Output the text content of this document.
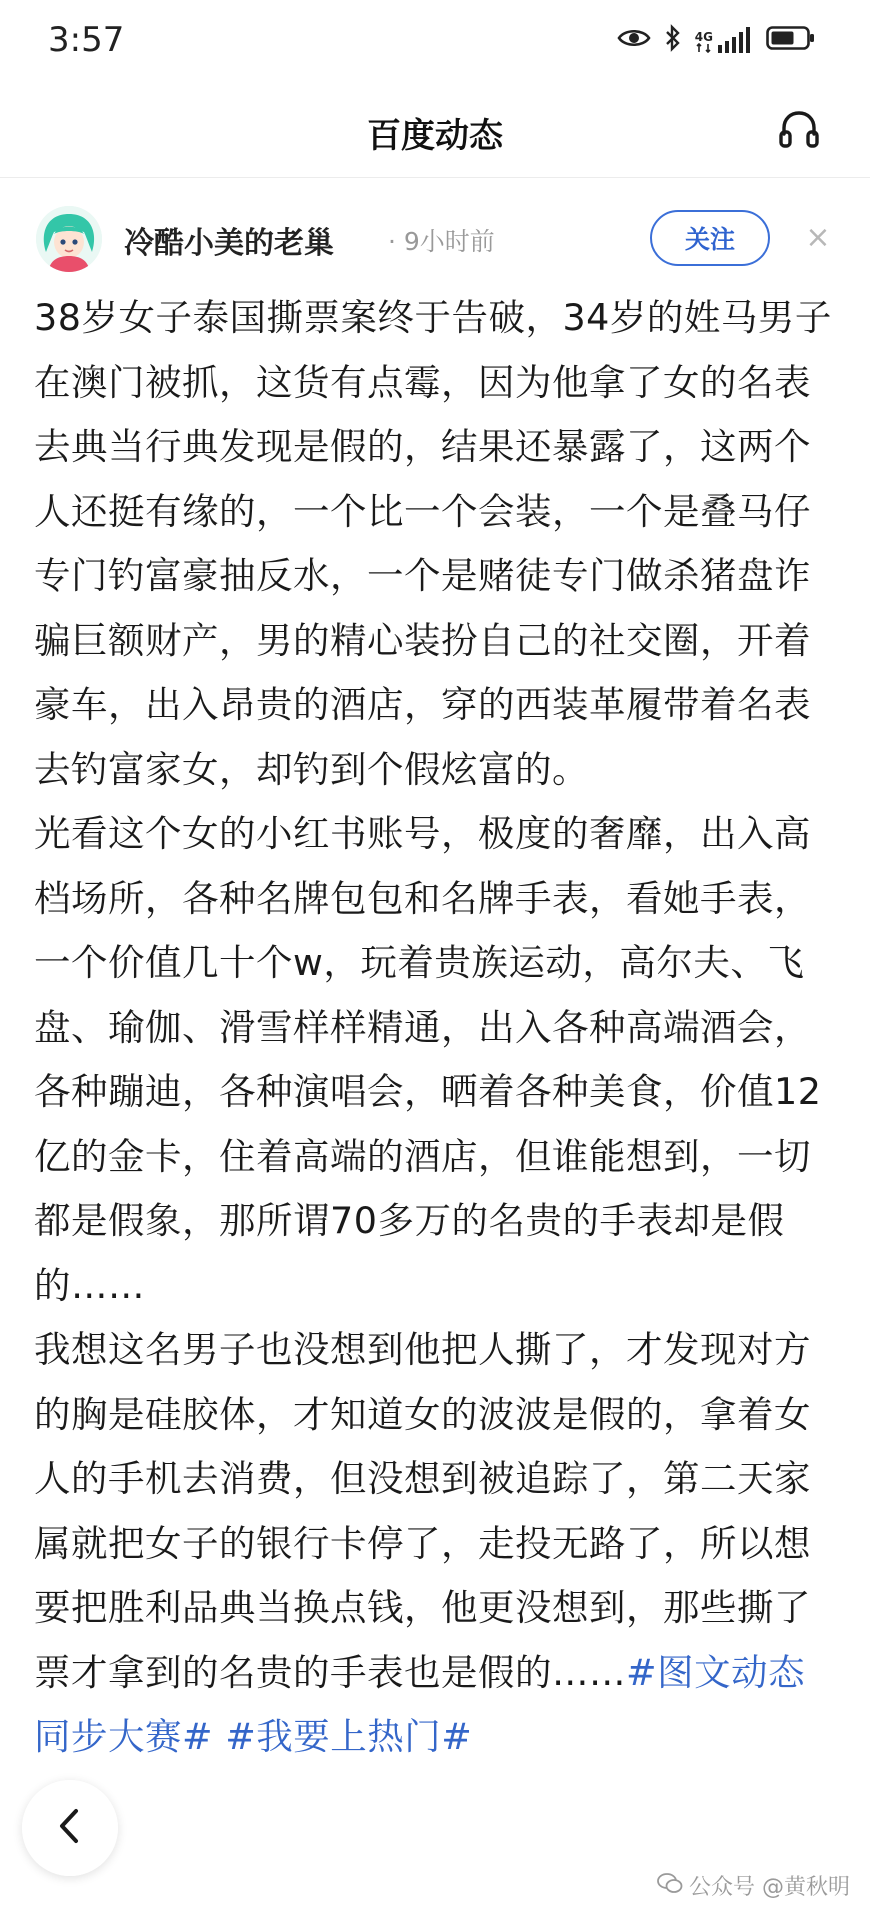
3:57	4G
百度动态
冷酷小美的老巢 · 9小时前	关注	×

38岁女子泰国撕票案终于告破，34岁的姓马男子在澳门被抓，这货有点霉，因为他拿了女的名表去典当行典发现是假的，结果还暴露了，这两个人还挺有缘的，一个比一个会装，一个是叠马仔专门钓富豪抽反水，一个是赌徒专门做杀猪盘诈骗巨额财产，男的精心装扮自己的社交圈，开着豪车，出入昂贵的酒店，穿的西装革履带着名表去钓富家女，却钓到个假炫富的。

光看这个女的小红书账号，极度的奢靡，出入高档场所，各种名牌包包和名牌手表，看她手表，一个价值几十个w，玩着贵族运动，高尔夫、飞盘、瑜伽、滑雪样样精通，出入各种高端酒会，各种蹦迪，各种演唱会，晒着各种美食，价值12亿的金卡，住着高端的酒店，但谁能想到，一切都是假象，那所谓70多万的名贵的手表却是假的……

我想这名男子也没想到他把人撕了，才发现对方的胸是硅胶体，才知道女的波波是假的，拿着女人的手机去消费，但没想到被追踪了，第二天家属就把女子的银行卡停了，走投无路了，所以想要把胜利品典当换点钱，他更没想到，那些撕了票才拿到的名贵的手表也是假的……#图文动态同步大赛# #我要上热门#

公众号 @黄秋明
